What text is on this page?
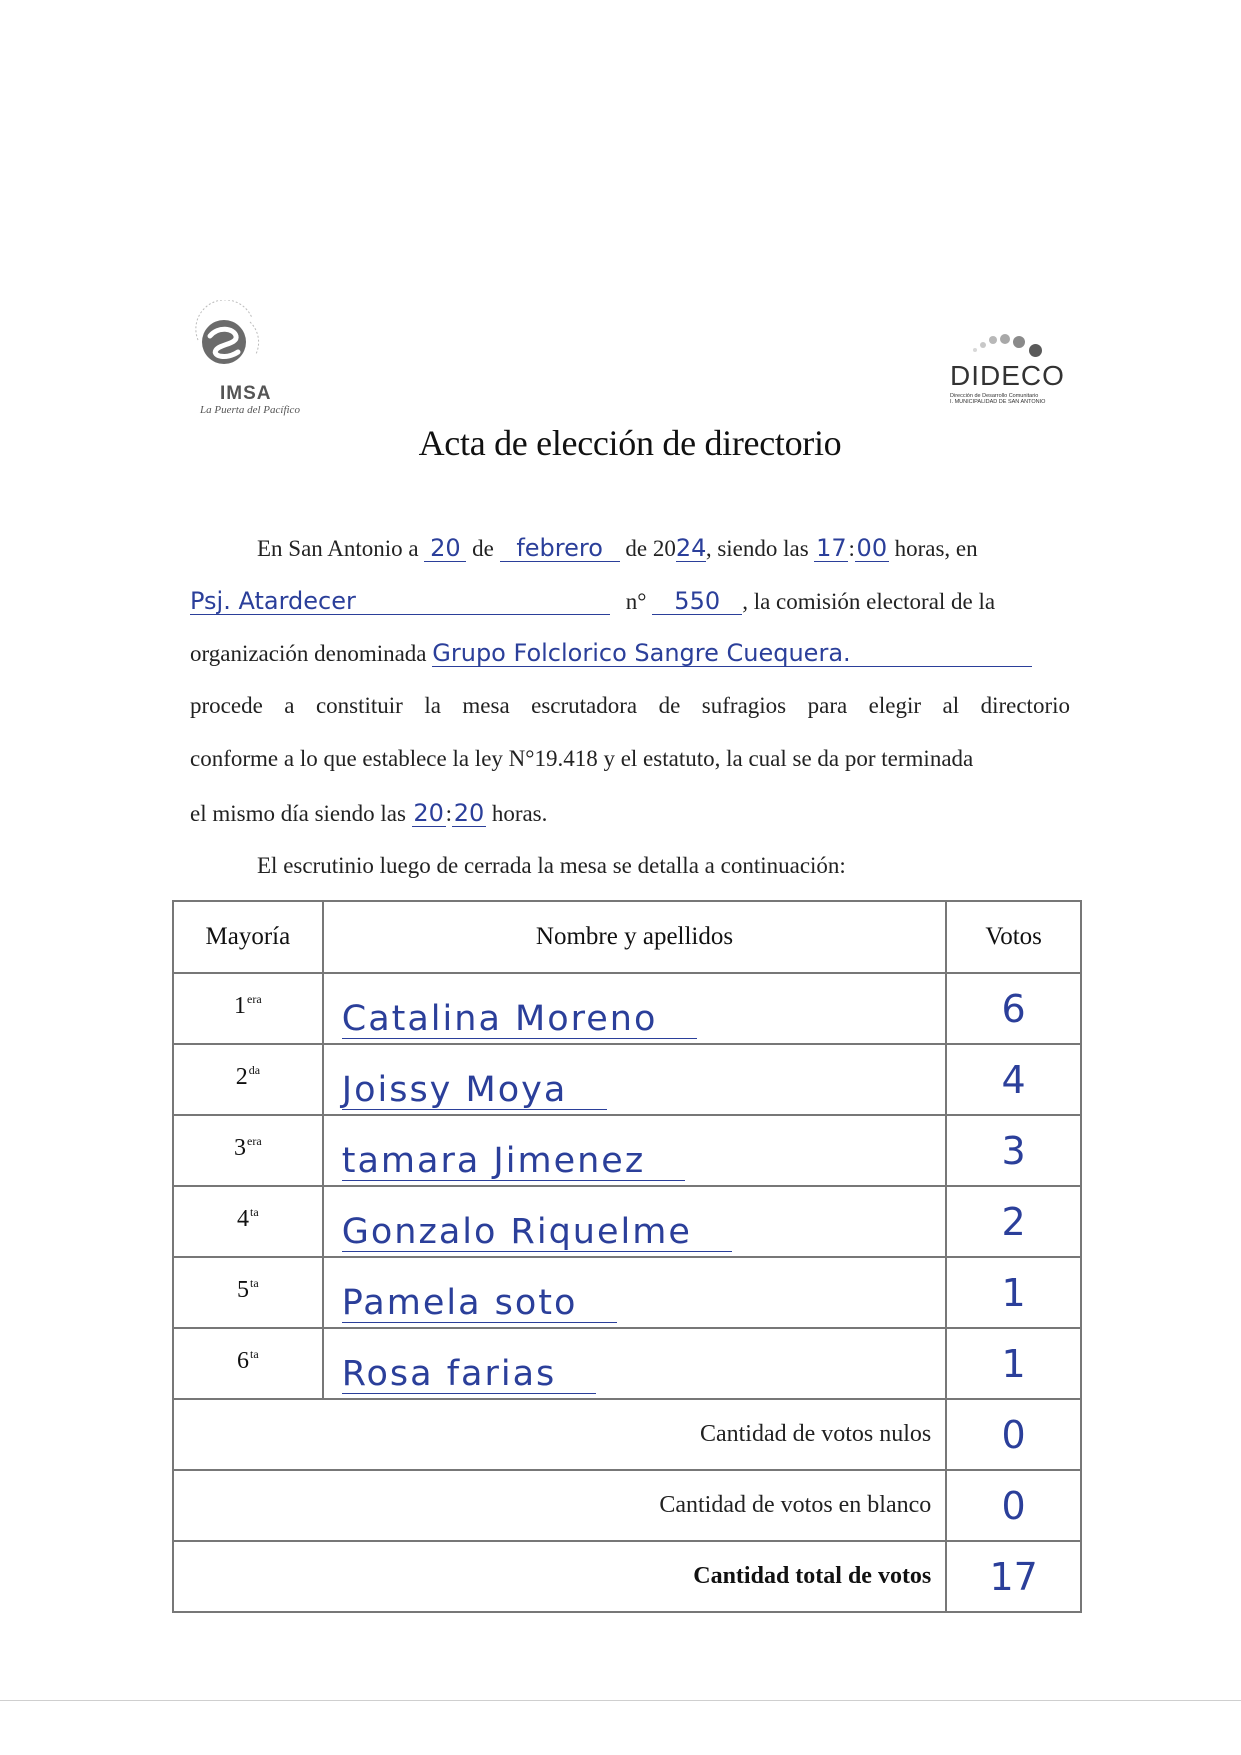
IMSA
La Puerta del Pacífico
DIDECO
Dirección de Desarrollo Comunitario
I. MUNICIPALIDAD DE SAN ANTONIO
Acta de elección de directorio
En San Antonio a 20 de febrero de 2024, siendo las 17:00 horas, en
Psj. Atardecer	n° 550 , la comisión electoral de la
organización denominada Grupo Folclorico Sangre Cuequera.
procede a constituir la mesa escrutadora de sufragios para elegir al directorio
conforme a lo que establece la ley N°19.418 y el estatuto, la cual se da por terminada
el mismo día siendo las 20:20 horas.
El escrutinio luego de cerrada la mesa se detalla a continuación:
Mayoría	Nombre y apellidos	Votos
$1^{era}$	Catalina Moreno	6
$2^{da}$	Joissy Moya	4
$3^{era}$	tamara Jimenez	3
$4^{ta}$	Gonzalo Riquelme	2
$5^{ta}$	Pamela soto	1
$6^{ta}$	Rosa farias	1
Cantidad de votos nulos		0
Cantidad de votos en blanco		0
Cantidad total de votos		17
